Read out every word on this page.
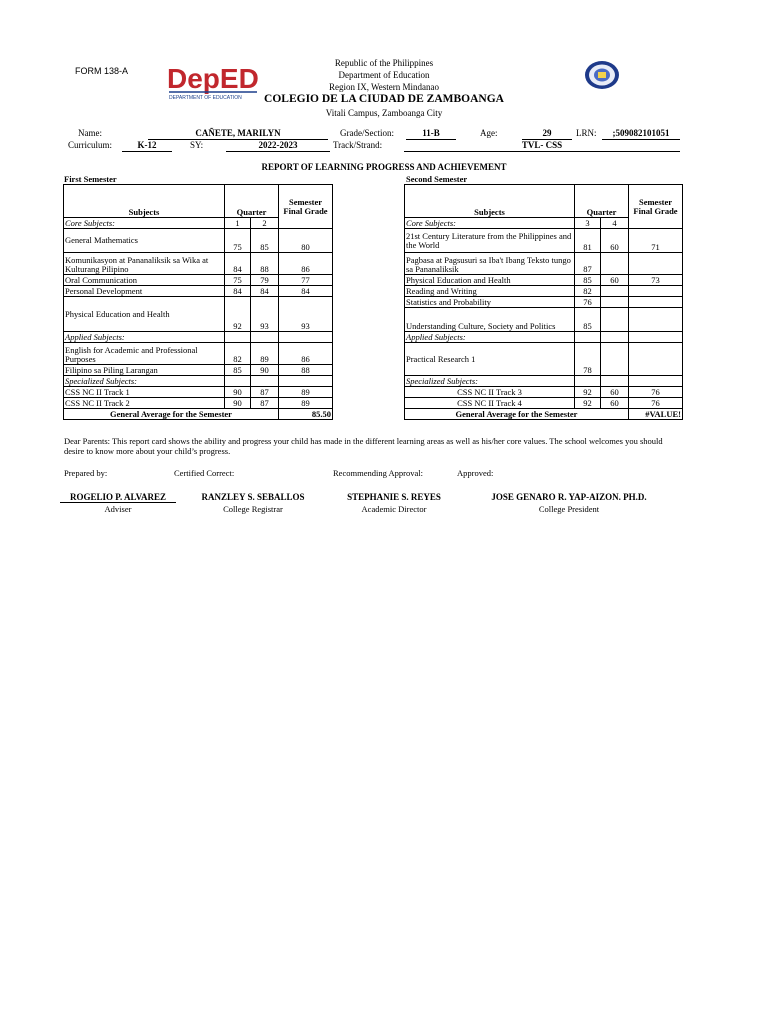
FORM 138-A DepED
DEPARTMENT OF EDUCATION
Republic of the Philippines
Department of Education
Region IX, Western Mindanao
COLEGIO DE LA CIUDAD DE ZAMBOANGA
Vitali Campus, Zamboanga City
Name:	CAÑETE, MARILYN	Grade/Section:	11-B	Age:	29	LRN:	;509082101051
Curriculum:	K-12	SY:	2022-2023	Track/Strand:	TVL- CSS
REPORT OF LEARNING PROGRESS AND ACHIEVEMENT
First Semester	Second Semester
Subjects	Quarter		Semester Final Grade
Core Subjects:	1	2	
General Mathematics	75	85	80
Komunikasyon at Pananaliksik sa Wika at Kulturang Pilipino	84	88	86
Oral Communication	75	79	77
Personal Development	84	84	84
Physical Education and Health	92	93	93
Applied Subjects:			
English for Academic and Professional Purposes	82	89	86
Filipino sa Piling Larangan	85	90	88
Specialized Subjects:			
CSS NC II Track 1	90	87	89
CSS NC II Track 2	90	87	89
General Average for the Semester			85.50
Subjects	Quarter		Semester Final Grade
Core Subjects:	3	4	
21st Century Literature from the Philippines and the World	81	60	71
Pagbasa at Pagsusuri sa Iba't Ibang Teksto tungo sa Pananaliksik	87		
Physical Education and Health	85	60	73
Reading and Writing	82		
Statistics and Probability	76		
Understanding Culture, Society and Politics	85		
Applied Subjects:			
Practical Research 1	78		
Specialized Subjects:			
CSS NC II Track 3	92	60	76
CSS NC II Track 4	92	60	76
General Average for the Semester			#VALUE!
Dear Parents: This report card shows the ability and progress your child has made in the different learning areas as well as his/her core values. The school welcomes you should desire to know more about your child’s progress.
Prepared by:	Certified Correct:	Recommending Approval:	Approved:
ROGELIO P. ALVAREZ
Adviser
RANZLEY S. SEBALLOS
College Registrar
STEPHANIE S. REYES
Academic Director
JOSE GENARO R. YAP-AIZON. PH.D.
College President
